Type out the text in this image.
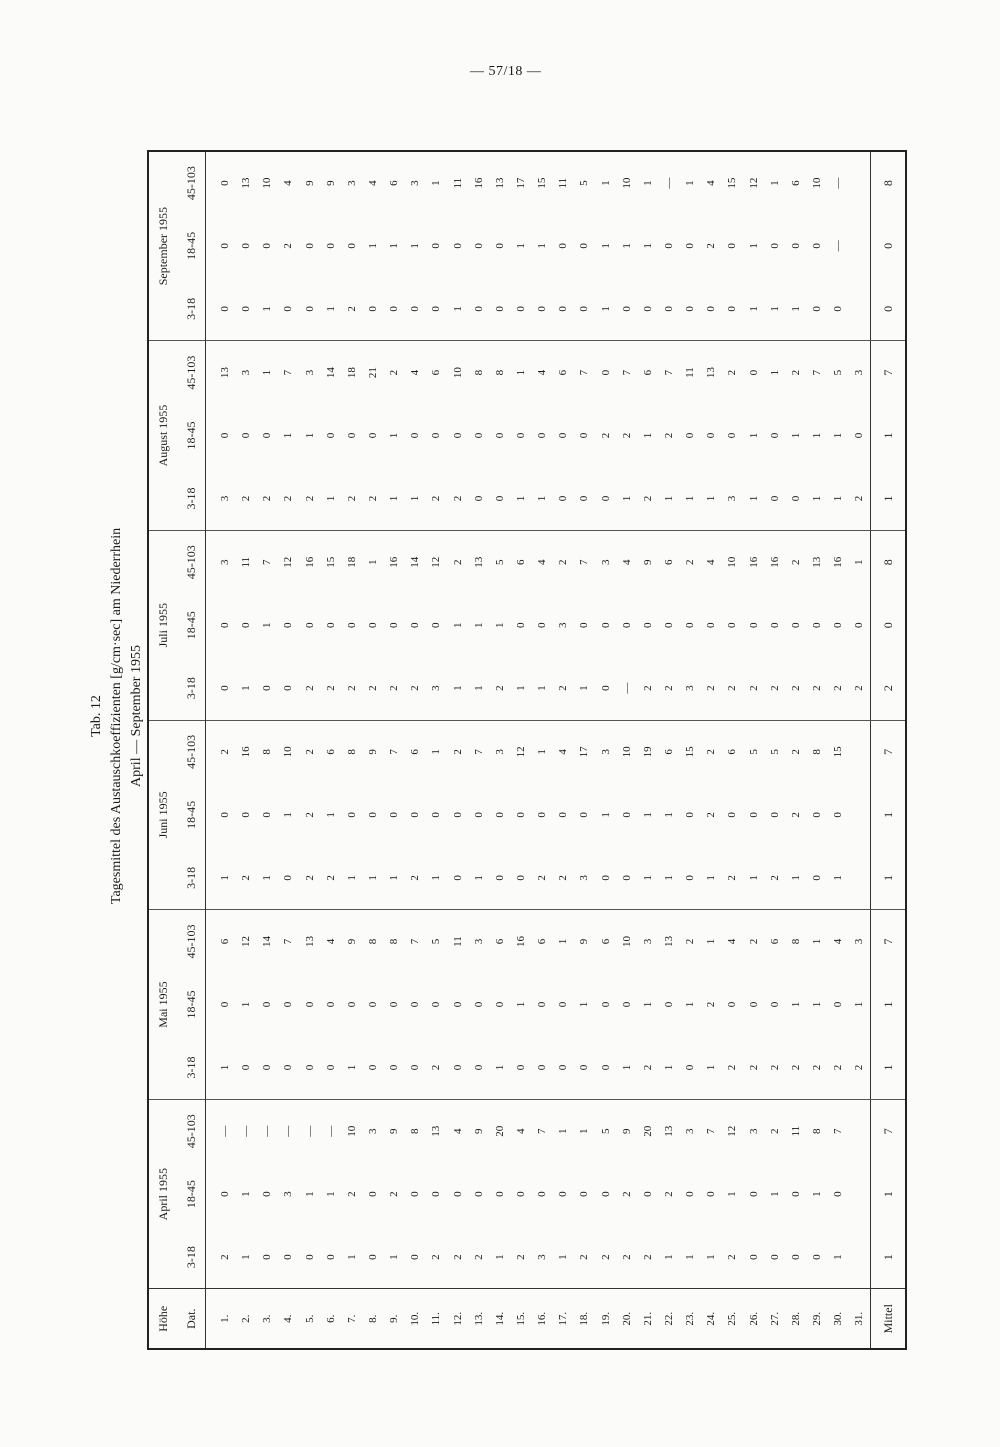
— 57/18 —
Tab. 12 Tagesmittel des Austauschkoeffizienten [g/cm·sec] am Niederrhein April — September 1955
Höhe	April 1955			Mai 1955			Juni 1955			Juli 1955			August 1955			September 1955		
Dat.	3-18	18-45	45-103	3-18	18-45	45-103	3-18	18-45	45-103	3-18	18-45	45-103	3-18	18-45	45-103	3-18	18-45	45-103
1.	2	0	—	1	0	6	1	0	2	0	0	3	3	0	13	0	0	0
2.	1	1	—	0	1	12	2	0	16	1	0	11	2	0	3	0	0	13
3.	0	0	—	0	0	14	1	0	8	0	1	7	2	0	1	1	0	10
4.	0	3	—	0	0	7	0	1	10	0	0	12	2	1	7	0	2	4
5.	0	1	—	0	0	13	2	2	2	2	0	16	2	1	3	0	0	9
6.	0	1	—	0	0	4	2	1	6	2	0	15	1	0	14	1	0	9
7.	1	2	10	1	0	9	1	0	8	2	0	18	2	0	18	2	0	3
8.	0	0	3	0	0	8	1	0	9	2	0	1	2	0	21	0	1	4
9.	1	2	9	0	0	8	1	0	7	2	0	16	1	1	2	0	1	6
10.	0	0	8	0	0	7	2	0	6	2	0	14	1	0	4	0	1	3
11.	2	0	13	2	0	5	1	0	1	3	0	12	2	0	6	0	0	1
12.	2	0	4	0	0	11	0	0	2	1	1	2	2	0	10	1	0	11
13.	2	0	9	0	0	3	1	0	7	1	1	13	0	0	8	0	0	16
14.	1	0	20	1	0	6	0	0	3	2	1	5	0	0	8	0	0	13
15.	2	0	4	0	1	16	0	0	12	1	0	6	1	0	1	0	1	17
16.	3	0	7	0	0	6	2	0	1	1	0	4	1	0	4	0	1	15
17.	1	0	1	0	0	1	2	0	4	2	3	2	0	0	6	0	0	11
18.	2	0	1	0	1	9	3	0	17	1	0	7	0	0	7	0	0	5
19.	2	0	5	0	0	6	0	1	3	0	0	3	0	2	0	1	1	1
20.	2	2	9	1	0	10	0	0	10	—	0	4	1	2	7	0	1	10
21.	2	0	20	2	1	3	1	1	19	2	0	9	2	1	6	0	1	1
22.	1	2	13	1	0	13	1	1	6	2	0	6	1	2	7	0	0	—
23.	1	0	3	0	1	2	0	0	15	3	0	2	1	0	11	0	0	1
24.	1	0	7	1	2	1	1	2	2	2	0	4	1	0	13	0	2	4
25.	2	1	12	2	0	4	2	0	6	2	0	10	3	0	2	0	0	15
26.	0	0	3	2	0	2	1	0	5	2	0	16	1	1	0	1	1	12
27.	0	1	2	2	0	6	2	0	5	2	0	16	0	0	1	1	0	1
28.	0	0	11	2	1	8	1	2	2	2	0	2	0	1	2	1	0	6
29.	0	1	8	2	1	1	0	0	8	2	0	13	1	1	7	0	0	10
30.	1	0	7	2	0	4	1	0	15	2	0	16	1	1	5	0	—	—
31.				2	1	3				2	0	1	2	0	3			
Mittel	1	1	7	1	1	7	1	1	7	2	0	8	1	1	7	0	0	8
